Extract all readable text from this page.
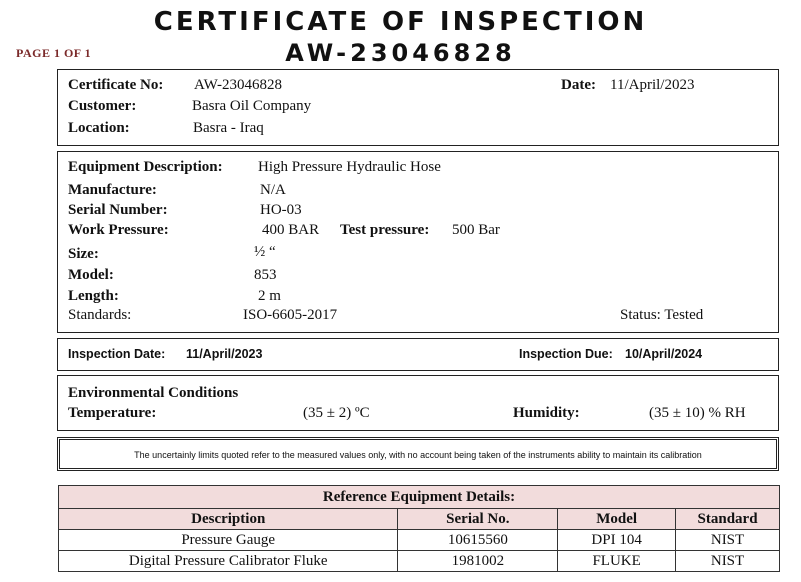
CERTIFICATE OF INSPECTION
AW-23046828
PAGE 1 OF 1
Certificate No: AW-23046828	Date: 11/April/2023
Customer:	Basra Oil Company
Location:	Basra - Iraq
Equipment Description: High Pressure Hydraulic Hose
Manufacture:	N/A
Serial Number:	HO-03
Work Pressure:	400 BAR Test pressure: 500 Bar
Size:	½ “
Model:	853
Length:	2 m
Standards:	ISO-6605-2017	Status: Tested
Inspection Date: 11/April/2023	Inspection Due: 10/April/2024
Environmental Conditions
Temperature:	(35 ± 2) ºC	Humidity:	(35 ± 10) % RH
The uncertainly limits quoted refer to the measured values only, with no account being taken of the instruments ability to maintain its calibration
Reference Equipment Details:			
Description	Serial No.	Model	Standard
Pressure Gauge	10615560	DPI 104	NIST
Digital Pressure Calibrator Fluke	1981002	FLUKE	NIST
